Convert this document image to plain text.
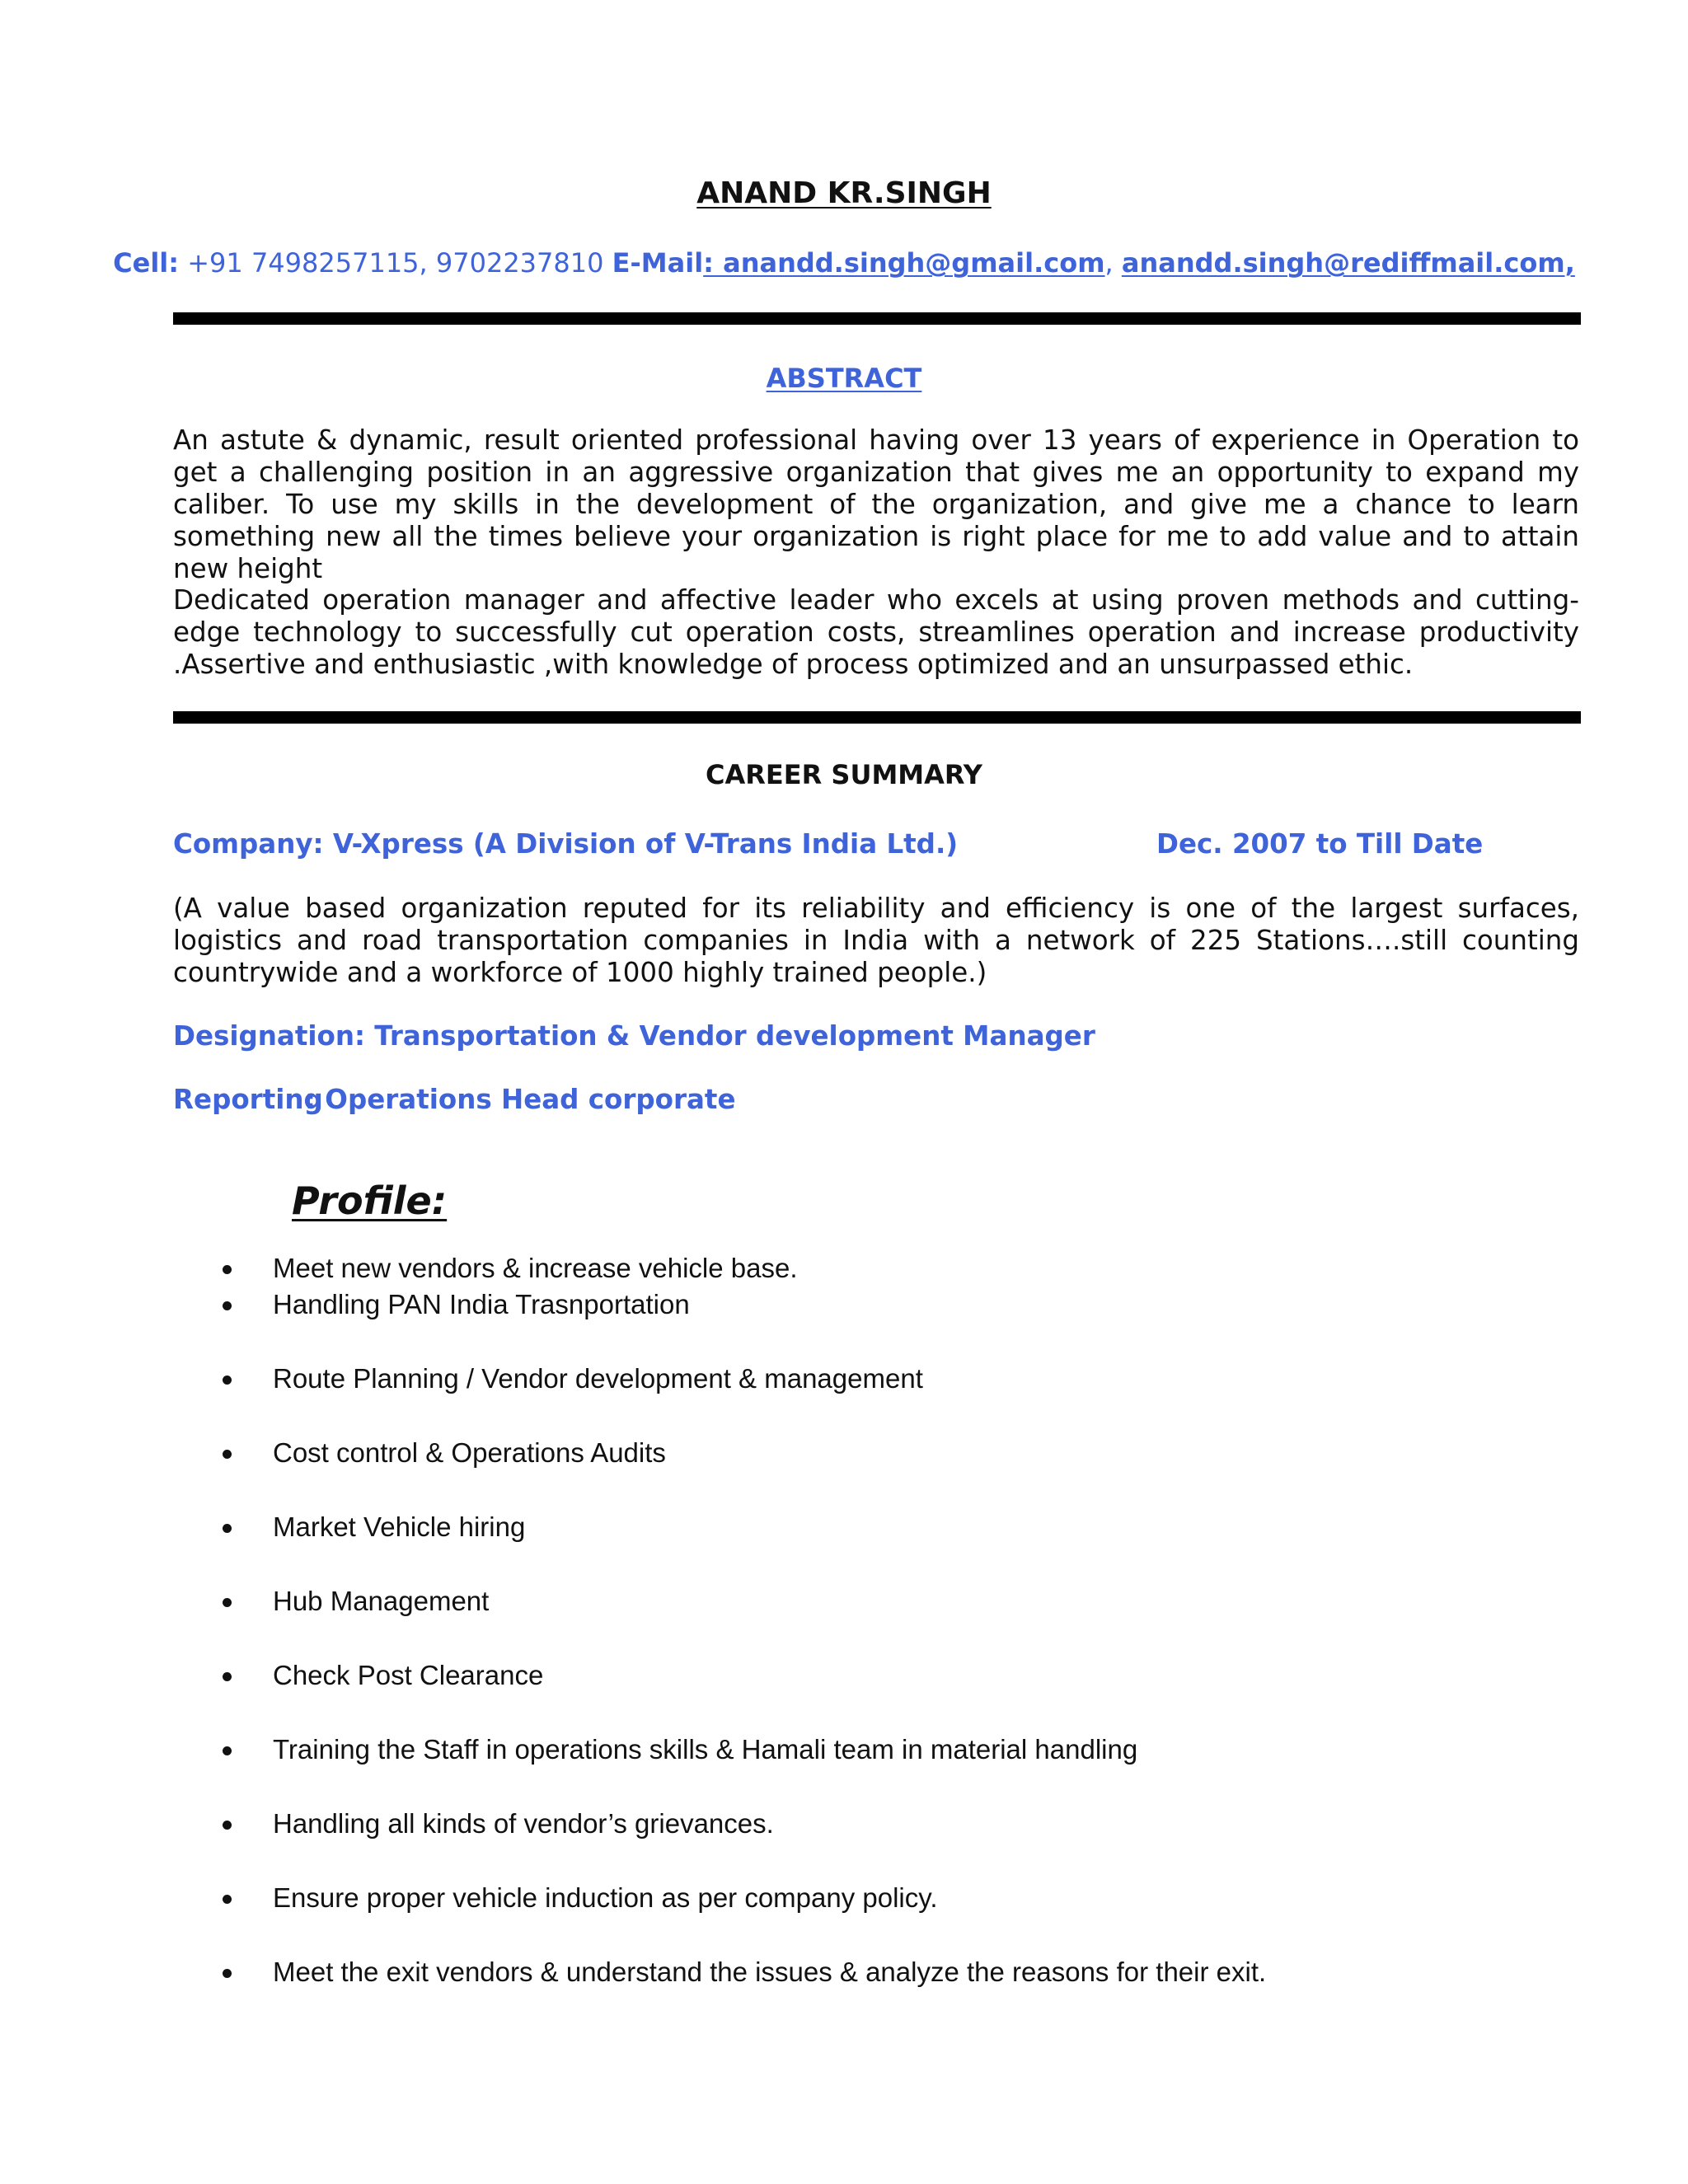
ANAND KR.SINGH
Cell: +91 7498257115, 9702237810 E-Mail: anandd.singh@gmail.com, anandd.singh@rediffmail.com,
ABSTRACT
An astute & dynamic, result oriented professional having over 13 years of experience in Operation to get a challenging position in an aggressive organization that gives me an opportunity to expand my caliber. To use my skills in the development of the organization, and give me a chance to learn something new all the times believe your organization is right place for me to add value and to attain new height
Dedicated operation manager and affective leader who excels at using proven methods and cutting-edge technology to successfully cut operation costs, streamlines operation and increase productivity .Assertive and enthusiastic ,with knowledge of process optimized and an unsurpassed ethic.
CAREER SUMMARY
Company: V-Xpress (A Division of V-Trans India Ltd.)	Dec. 2007 to Till Date
(A value based organization reputed for its reliability and efficiency is one of the largest surfaces, logistics and road transportation companies in India with a network of 225 Stations….still counting countrywide and a workforce of 1000 highly trained people.)
Designation: Transportation & Vendor development Manager
Reporting: Operations Head corporate
Profile:
Meet new vendors & increase vehicle base.
Handling PAN India Trasnportation
Route Planning / Vendor development & management
Cost control & Operations Audits
Market Vehicle hiring
Hub Management
Check Post Clearance
Training the Staff in operations skills & Hamali team in material handling
Handling all kinds of vendor’s grievances.
Ensure proper vehicle induction as per company policy.
Meet the exit vendors & understand the issues & analyze the reasons for their exit.
